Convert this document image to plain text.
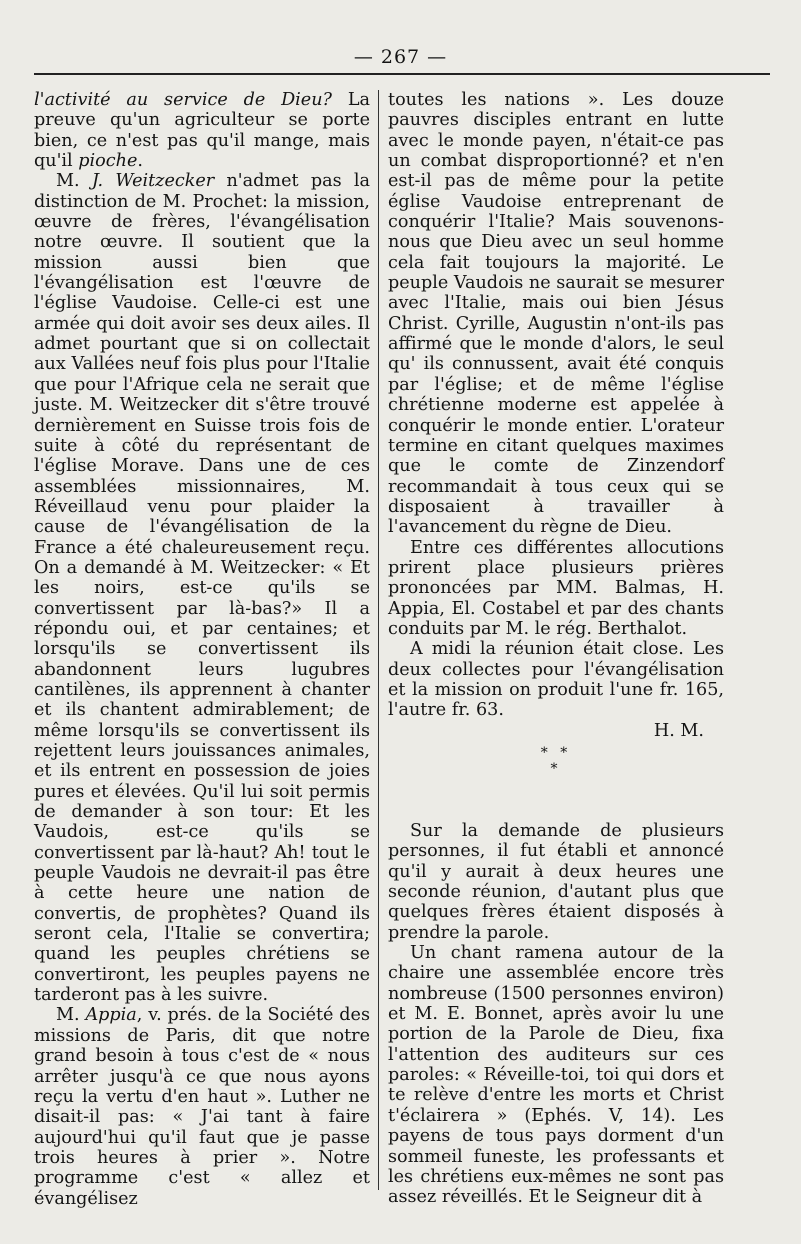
— 267 —

l'activité au service de Dieu? La preuve qu'un agriculteur se porte bien, ce n'est pas qu'il mange, mais qu'il pioche.

M. J. Weitzecker n'admet pas la distinction de M. Prochet: la mission, œuvre de frères, l'évangélisation notre œuvre. Il soutient que la mission aussi bien que l'évangélisation est l'œuvre de l'église Vaudoise. Celle-ci est une armée qui doit avoir ses deux ailes. Il admet pourtant que si on collectait aux Vallées neuf fois plus pour l'Italie que pour l'Afrique cela ne serait que juste. M. Weitzecker dit s'être trouvé dernièrement en Suisse trois fois de suite à côté du représentant de l'église Morave. Dans une de ces assemblées missionnaires, M. Réveillaud venu pour plaider la cause de l'évangélisation de la France a été chaleureusement reçu. On a demandé à M. Weitzecker: « Et les noirs, est-ce qu'ils se convertissent par là-bas?» Il a répondu oui, et par centaines; et lorsqu'ils se convertissent ils abandonnent leurs lugubres cantilènes, ils apprennent à chanter et ils chantent admirablement; de même lorsqu'ils se convertissent ils rejettent leurs jouissances animales, et ils entrent en possession de joies pures et élevées. Qu'il lui soit permis de demander à son tour: Et les Vaudois, est-ce qu'ils se convertissent par là-haut? Ah! tout le peuple Vaudois ne devrait-il pas être à cette heure une nation de convertis, de prophètes? Quand ils seront cela, l'Italie se convertira; quand les peuples chrétiens se convertiront, les peuples payens ne tarderont pas à les suivre.

M. Appia, v. prés. de la Société des missions de Paris, dit que notre grand besoin à tous c'est de « nous arrêter jusqu'à ce que nous ayons reçu la vertu d'en haut ». Luther ne disait-il pas: « J'ai tant à faire aujourd'hui qu'il faut que je passe trois heures à prier ». Notre programme c'est « allez et évangélisez

toutes les nations ». Les douze pauvres disciples entrant en lutte avec le monde payen, n'était-ce pas un combat disproportionné? et n'en est-il pas de même pour la petite église Vaudoise entreprenant de conquérir l'Italie? Mais souvenons-nous que Dieu avec un seul homme cela fait toujours la majorité. Le peuple Vaudois ne saurait se mesurer avec l'Italie, mais oui bien Jésus Christ. Cyrille, Augustin n'ont-ils pas affirmé que le monde d'alors, le seul qu' ils connussent, avait été conquis par l'église; et de même l'église chrétienne moderne est appelée à conquérir le monde entier. L'orateur termine en citant quelques maximes que le comte de Zinzendorf recommandait à tous ceux qui se disposaient à travailler à l'avancement du règne de Dieu.

Entre ces différentes allocutions prirent place plusieurs prières prononcées par MM. Balmas, H. Appia, El. Costabel et par des chants conduits par M. le rég. Berthalot.

A midi la réunion était close. Les deux collectes pour l'évangélisation et la mission on produit l'une fr. 165, l'autre fr. 63.

H. M.

* *
*

Sur la demande de plusieurs personnes, il fut établi et annoncé qu'il y aurait à deux heures une seconde réunion, d'autant plus que quelques frères étaient disposés à prendre la parole.

Un chant ramena autour de la chaire une assemblée encore très nombreuse (1500 personnes environ) et M. E. Bonnet, après avoir lu une portion de la Parole de Dieu, fixa l'attention des auditeurs sur ces paroles: « Réveille-toi, toi qui dors et te relève d'entre les morts et Christ t'éclairera » (Ephés. V, 14). Les payens de tous pays dorment d'un sommeil funeste, les professants et les chrétiens eux-mêmes ne sont pas assez réveillés. Et le Seigneur dit à
